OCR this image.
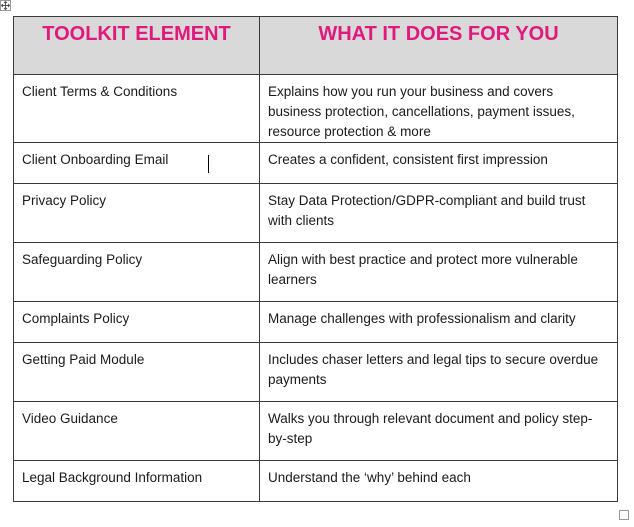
TOOLKIT ELEMENT	WHAT IT DOES FOR YOU
Client Terms & Conditions	Explains how you run your business and covers business protection, cancellations, payment issues, resource protection & more
Client Onboarding Email	Creates a confident, consistent first impression
Privacy Policy	Stay Data Protection/GDPR-compliant and build trust with clients
Safeguarding Policy	Align with best practice and protect more vulnerable learners
Complaints Policy	Manage challenges with professionalism and clarity
Getting Paid Module	Includes chaser letters and legal tips to secure overdue payments
Video Guidance	Walks you through relevant document and policy step-by-step
Legal Background Information	Understand the ‘why’ behind each
